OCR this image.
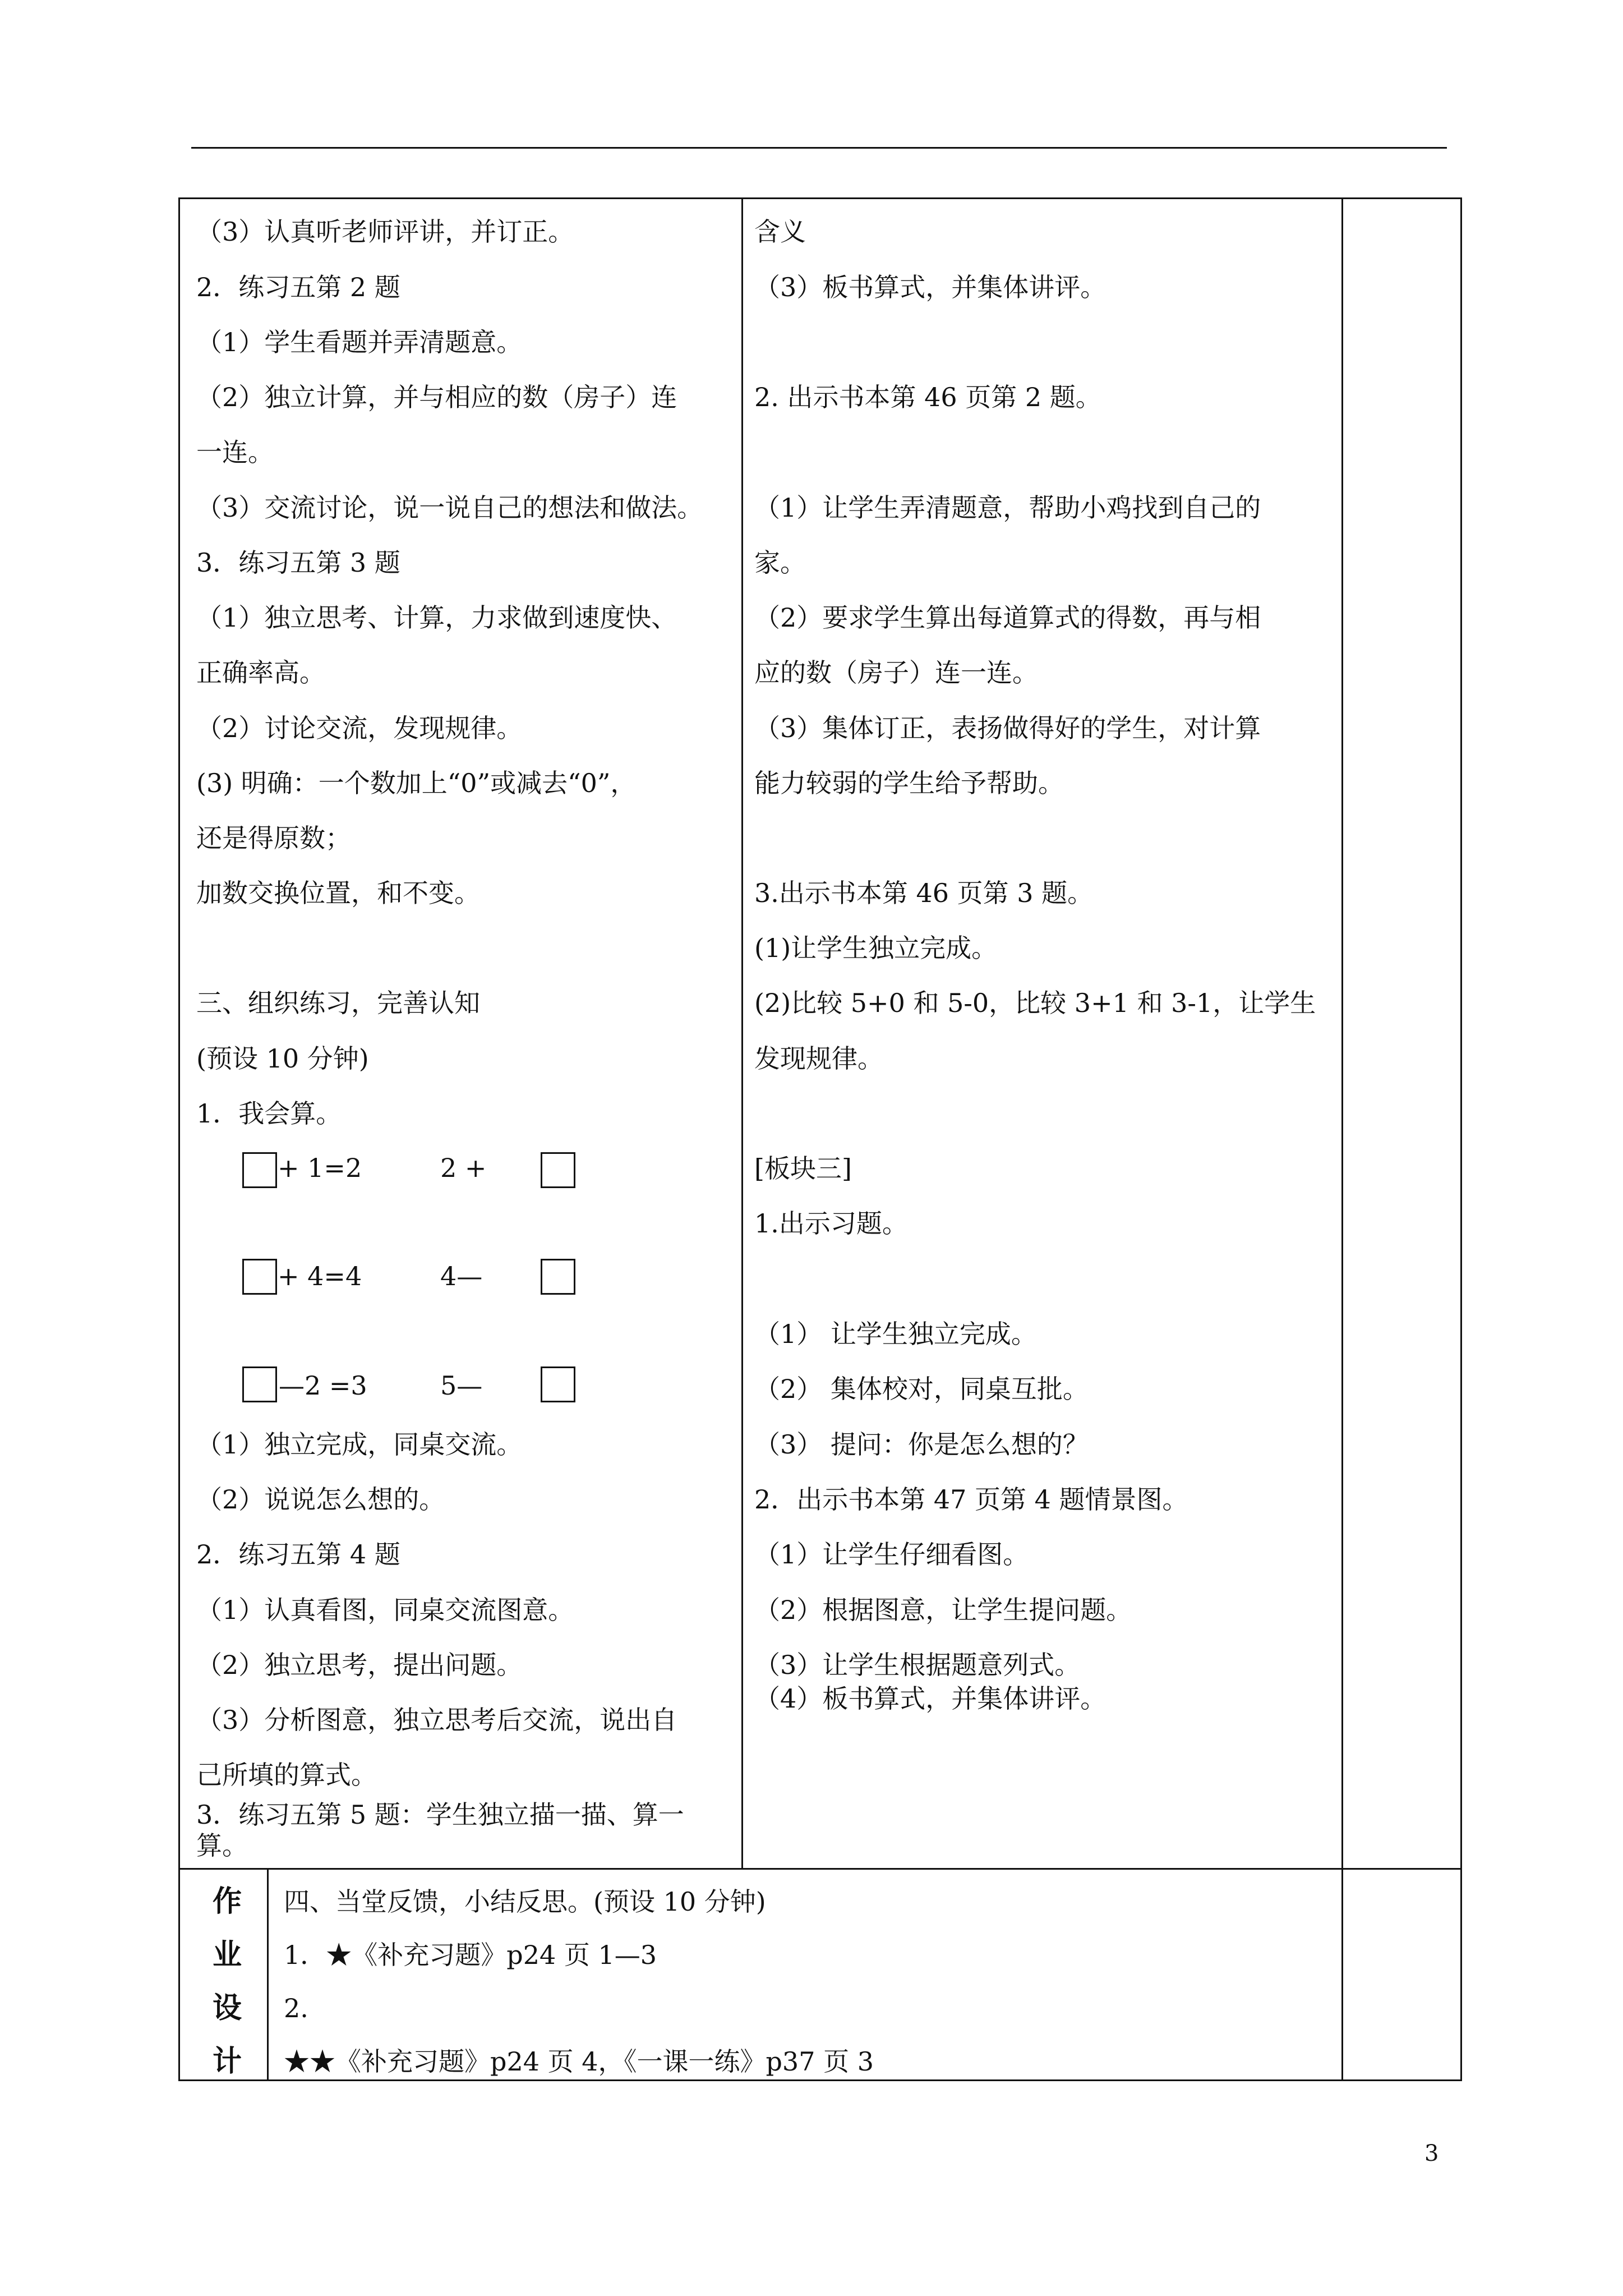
（3）认真听老师评讲，并订正。
2．练习五第 2 题
（1）学生看题并弄清题意。
（2）独立计算，并与相应的数（房子）连
一连。
（3）交流讨论，说一说自己的想法和做法。
3．练习五第 3 题
（1）独立思考、计算，力求做到速度快、
正确率高。
（2）讨论交流，发现规律。
(3) 明确：一个数加上“0”或减去“0”，
还是得原数；
加数交换位置，和不变。
三、组织练习，完善认知
(预设 10 分钟)
1．我会算。
（1）独立完成，同桌交流。
（2）说说怎么想的。
2．练习五第 4 题
（1）认真看图，同桌交流图意。
（2）独立思考，提出问题。
（3）分析图意，独立思考后交流，说出自
己所填的算式。
3．练习五第 5 题：学生独立描一描、算一
算。
+ 1=2	2 +
+ 4=4	4—
—2 =3	5—
含义
（3）板书算式，并集体讲评。
2. 出示书本第 46 页第 2 题。
（1）让学生弄清题意，帮助小鸡找到自己的
家。
（2）要求学生算出每道算式的得数，再与相
应的数（房子）连一连。
（3）集体订正，表扬做得好的学生，对计算
能力较弱的学生给予帮助。
3.出示书本第 46 页第 3 题。
(1)让学生独立完成。
(2)比较 5+0 和 5-0，比较 3+1 和 3-1，让学生
发现规律。
[板块三]
1.出示习题。
（1） 让学生独立完成。
（2） 集体校对，同桌互批。
（3） 提问：你是怎么想的？
2．出示书本第 47 页第 4 题情景图。
（1）让学生仔细看图。
（2）根据图意，让学生提问题。
（3）让学生根据题意列式。
（4）板书算式，并集体讲评。
作
业
设
计
四、当堂反馈，小结反思。(预设 10 分钟)
1．★《补充习题》p24 页 1—3
2.
★★《补充习题》p24 页 4，《一课一练》p37 页 3
3
